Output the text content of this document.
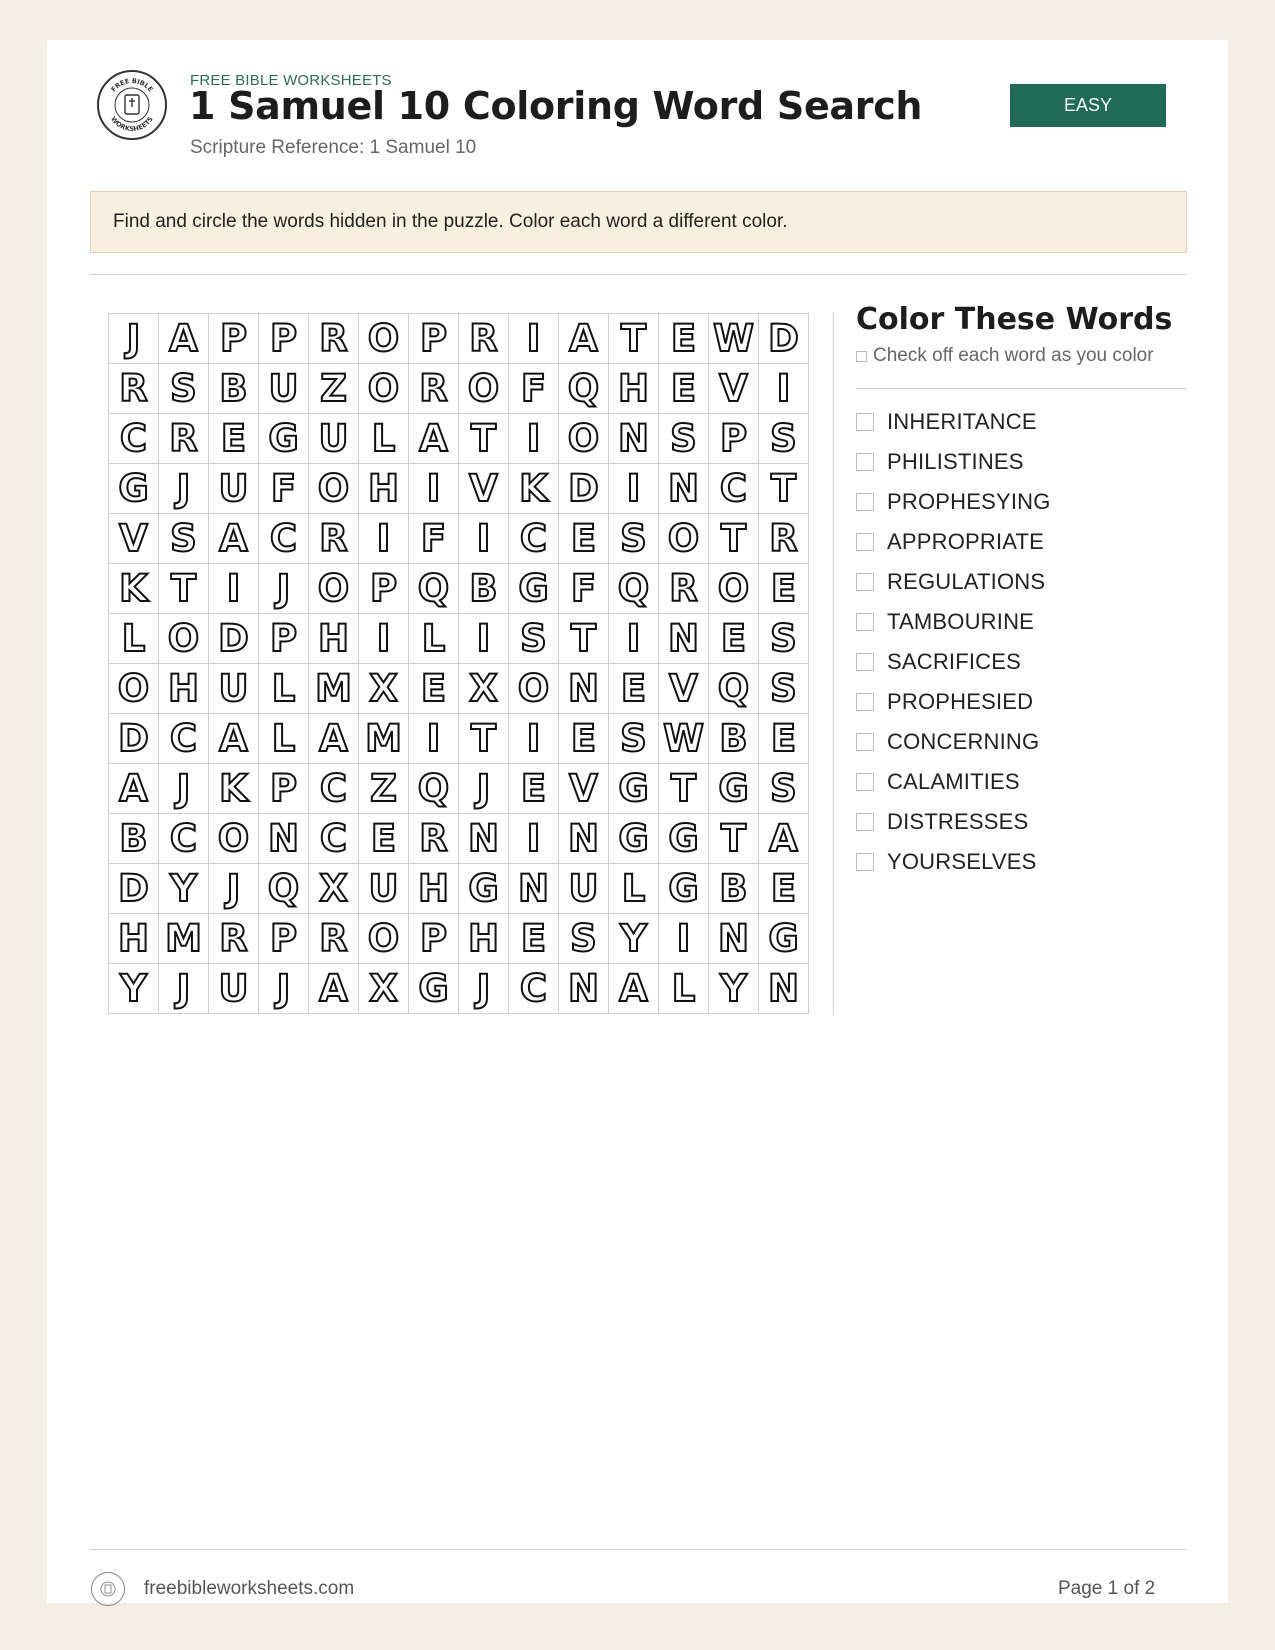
FREE BIBLE
WORKSHEETS
FREE BIBLE WORKSHEETS
1 Samuel 10 Coloring Word Search
Scripture Reference: 1 Samuel 10
EASY
Find and circle the words hidden in the puzzle. Color each word a different color.
J A P P R O P R I A T E W D
R S B U Z O R O F Q H E V I
C R E G U L A T I O N S P S
G J U F O H I V K D I N C T
V S A C R I F I C E S O T R
K T I J O P Q B G F Q R O E
L O D P H I L I S T I N E S
O H U L M X E X O N E V Q S
D C A L A M I T I E S W B E
A J K P C Z Q J E V G T G S
B C O N C E R N I N G G T A
D Y J Q X U H G N U L G B E
H M R P R O P H E S Y I N G
Y J U J A X G J C N A L Y N
Color These Words
Check off each word as you color
INHERITANCE
PHILISTINES
PROPHESYING
APPROPRIATE
REGULATIONS
TAMBOURINE
SACRIFICES
PROPHESIED
CONCERNING
CALAMITIES
DISTRESSES
YOURSELVES
freebibleworksheets.com	Page 1 of 2
